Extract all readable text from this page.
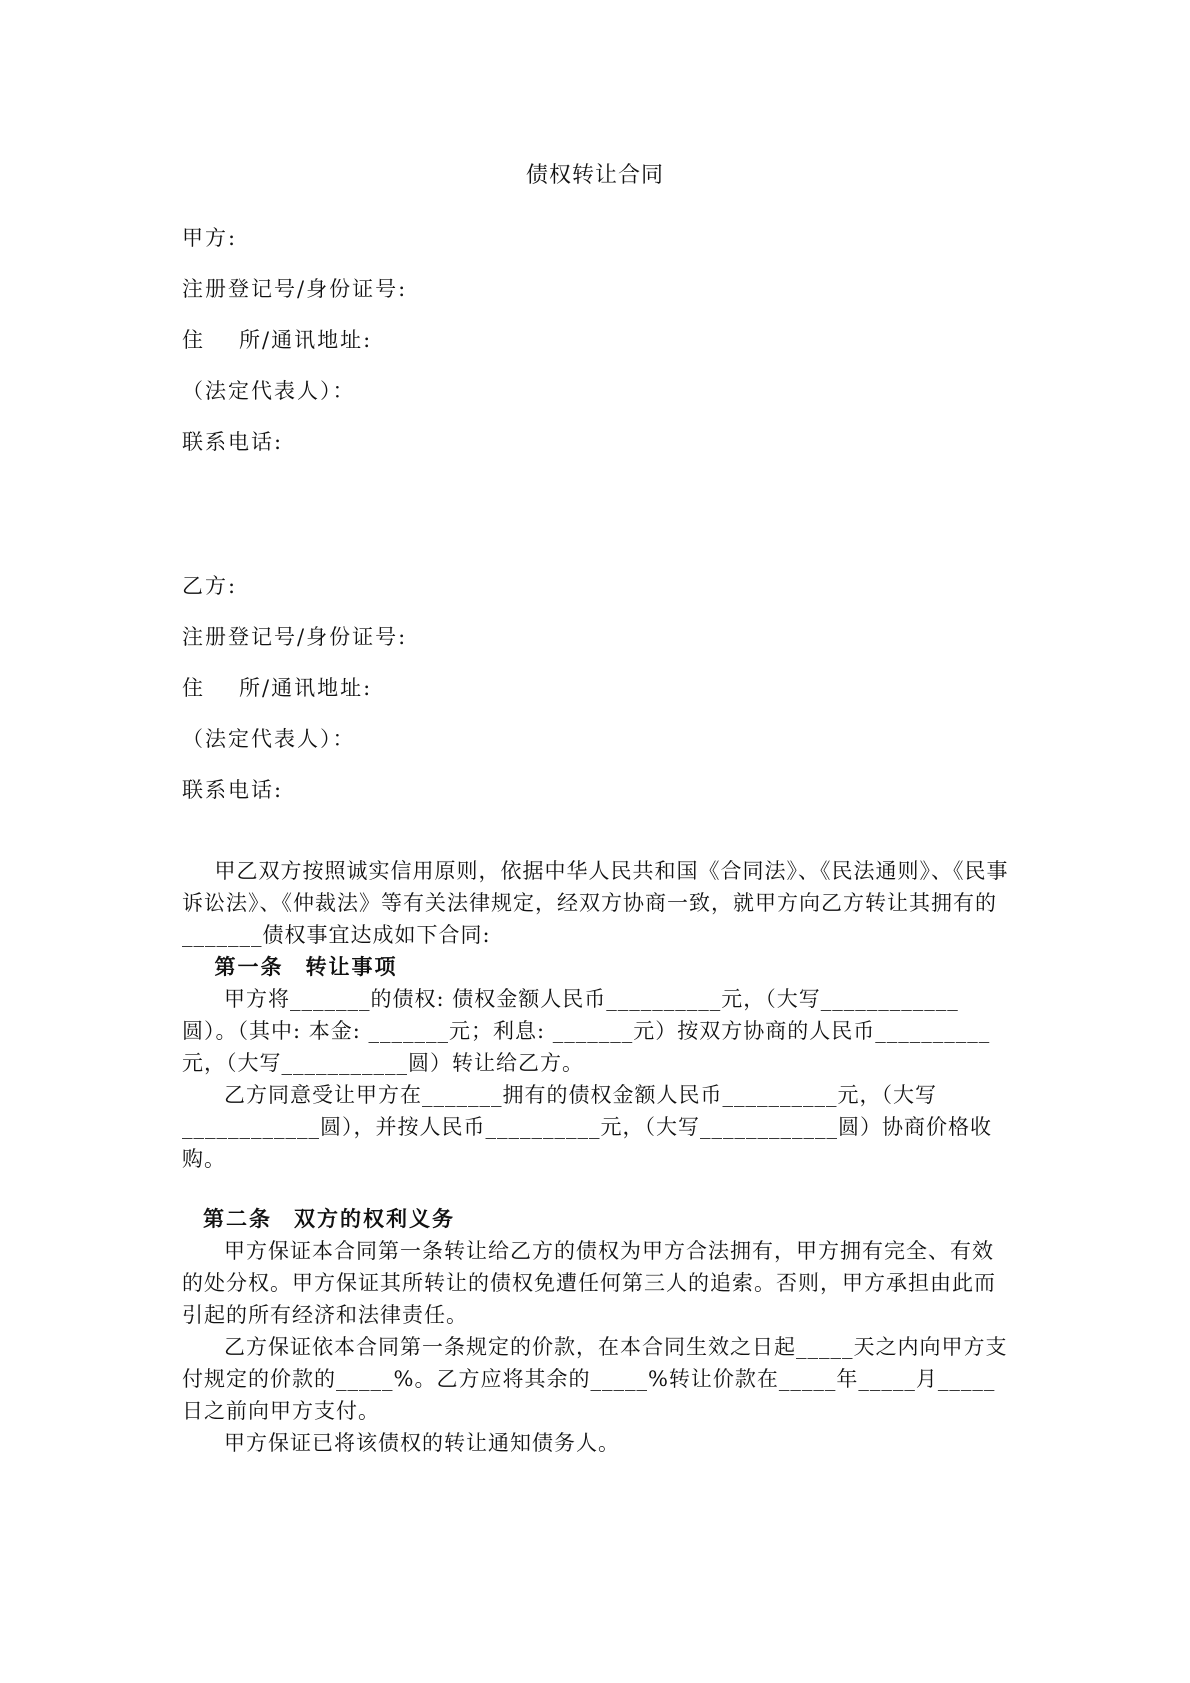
债权转让合同
甲方:
注册登记号/身份证号:
住 所/通讯地址:
（法定代表人）：
联系电话:
乙方:
注册登记号/身份证号:
住 所/通讯地址:
（法定代表人）：
联系电话:

甲乙双方按照诚实信用原则，依据中华人民共和国《合同法》、《民法通则》、《民事诉讼法》、《仲裁法》等有关法律规定，经双方协商一致，就甲方向乙方转让其拥有的_______债权事宜达成如下合同:

第一条 转让事项

甲方将_______的债权: 债权金额人民币__________元，（大写____________圆）。（其中: 本金: _______元；利息: _______元）按双方协商的人民币__________元，（大写___________圆）转让给乙方。

乙方同意受让甲方在_______拥有的债权金额人民币__________元，（大写____________圆），并按人民币__________元，（大写____________圆）协商价格收购。

第二条 双方的权利义务

甲方保证本合同第一条转让给乙方的债权为甲方合法拥有，甲方拥有完全、有效的处分权。甲方保证其所转让的债权免遭任何第三人的追索。否则，甲方承担由此而引起的所有经济和法律责任。

乙方保证依本合同第一条规定的价款，在本合同生效之日起_____天之内向甲方支付规定的价款的_____%。乙方应将其余的_____%转让价款在_____年_____月_____日之前向甲方支付。

甲方保证已将该债权的转让通知债务人。
